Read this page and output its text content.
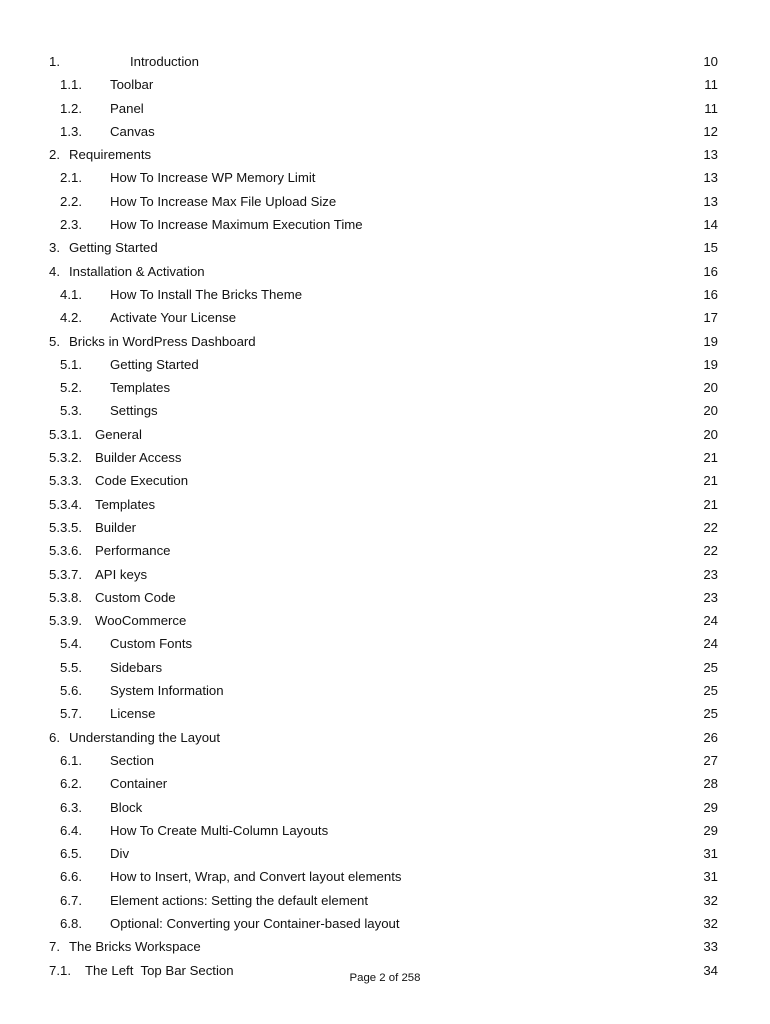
1.	Introduction	10
1.1.	Toolbar	11
1.2.	Panel	11
1.3.	Canvas	12
2. Requirements	13
2.1.	How To Increase WP Memory Limit	13
2.2.	How To Increase Max File Upload Size	13
2.3.	How To Increase Maximum Execution Time	14
3. Getting Started	15
4. Installation & Activation	16
4.1.	How To Install The Bricks Theme	16
4.2.	Activate Your License	17
5. Bricks in WordPress Dashboard	19
5.1.	Getting Started	19
5.2.	Templates	20
5.3.	Settings	20
5.3.1. General	20
5.3.2. Builder Access	21
5.3.3. Code Execution	21
5.3.4. Templates	21
5.3.5. Builder	22
5.3.6. Performance	22
5.3.7. API keys	23
5.3.8. Custom Code	23
5.3.9. WooCommerce	24
5.4.	Custom Fonts	24
5.5.	Sidebars	25
5.6.	System Information	25
5.7.	License	25
6. Understanding the Layout	26
6.1.	Section	27
6.2.	Container	28
6.3.	Block	29
6.4.	How To Create Multi-Column Layouts	29
6.5.	Div	31
6.6.	How to Insert, Wrap, and Convert layout elements	31
6.7.	Element actions: Setting the default element	32
6.8.	Optional: Converting your Container-based layout	32
7. The Bricks Workspace	33
7.1.	The Left  Top Bar Section	34
Page 2 of 258
